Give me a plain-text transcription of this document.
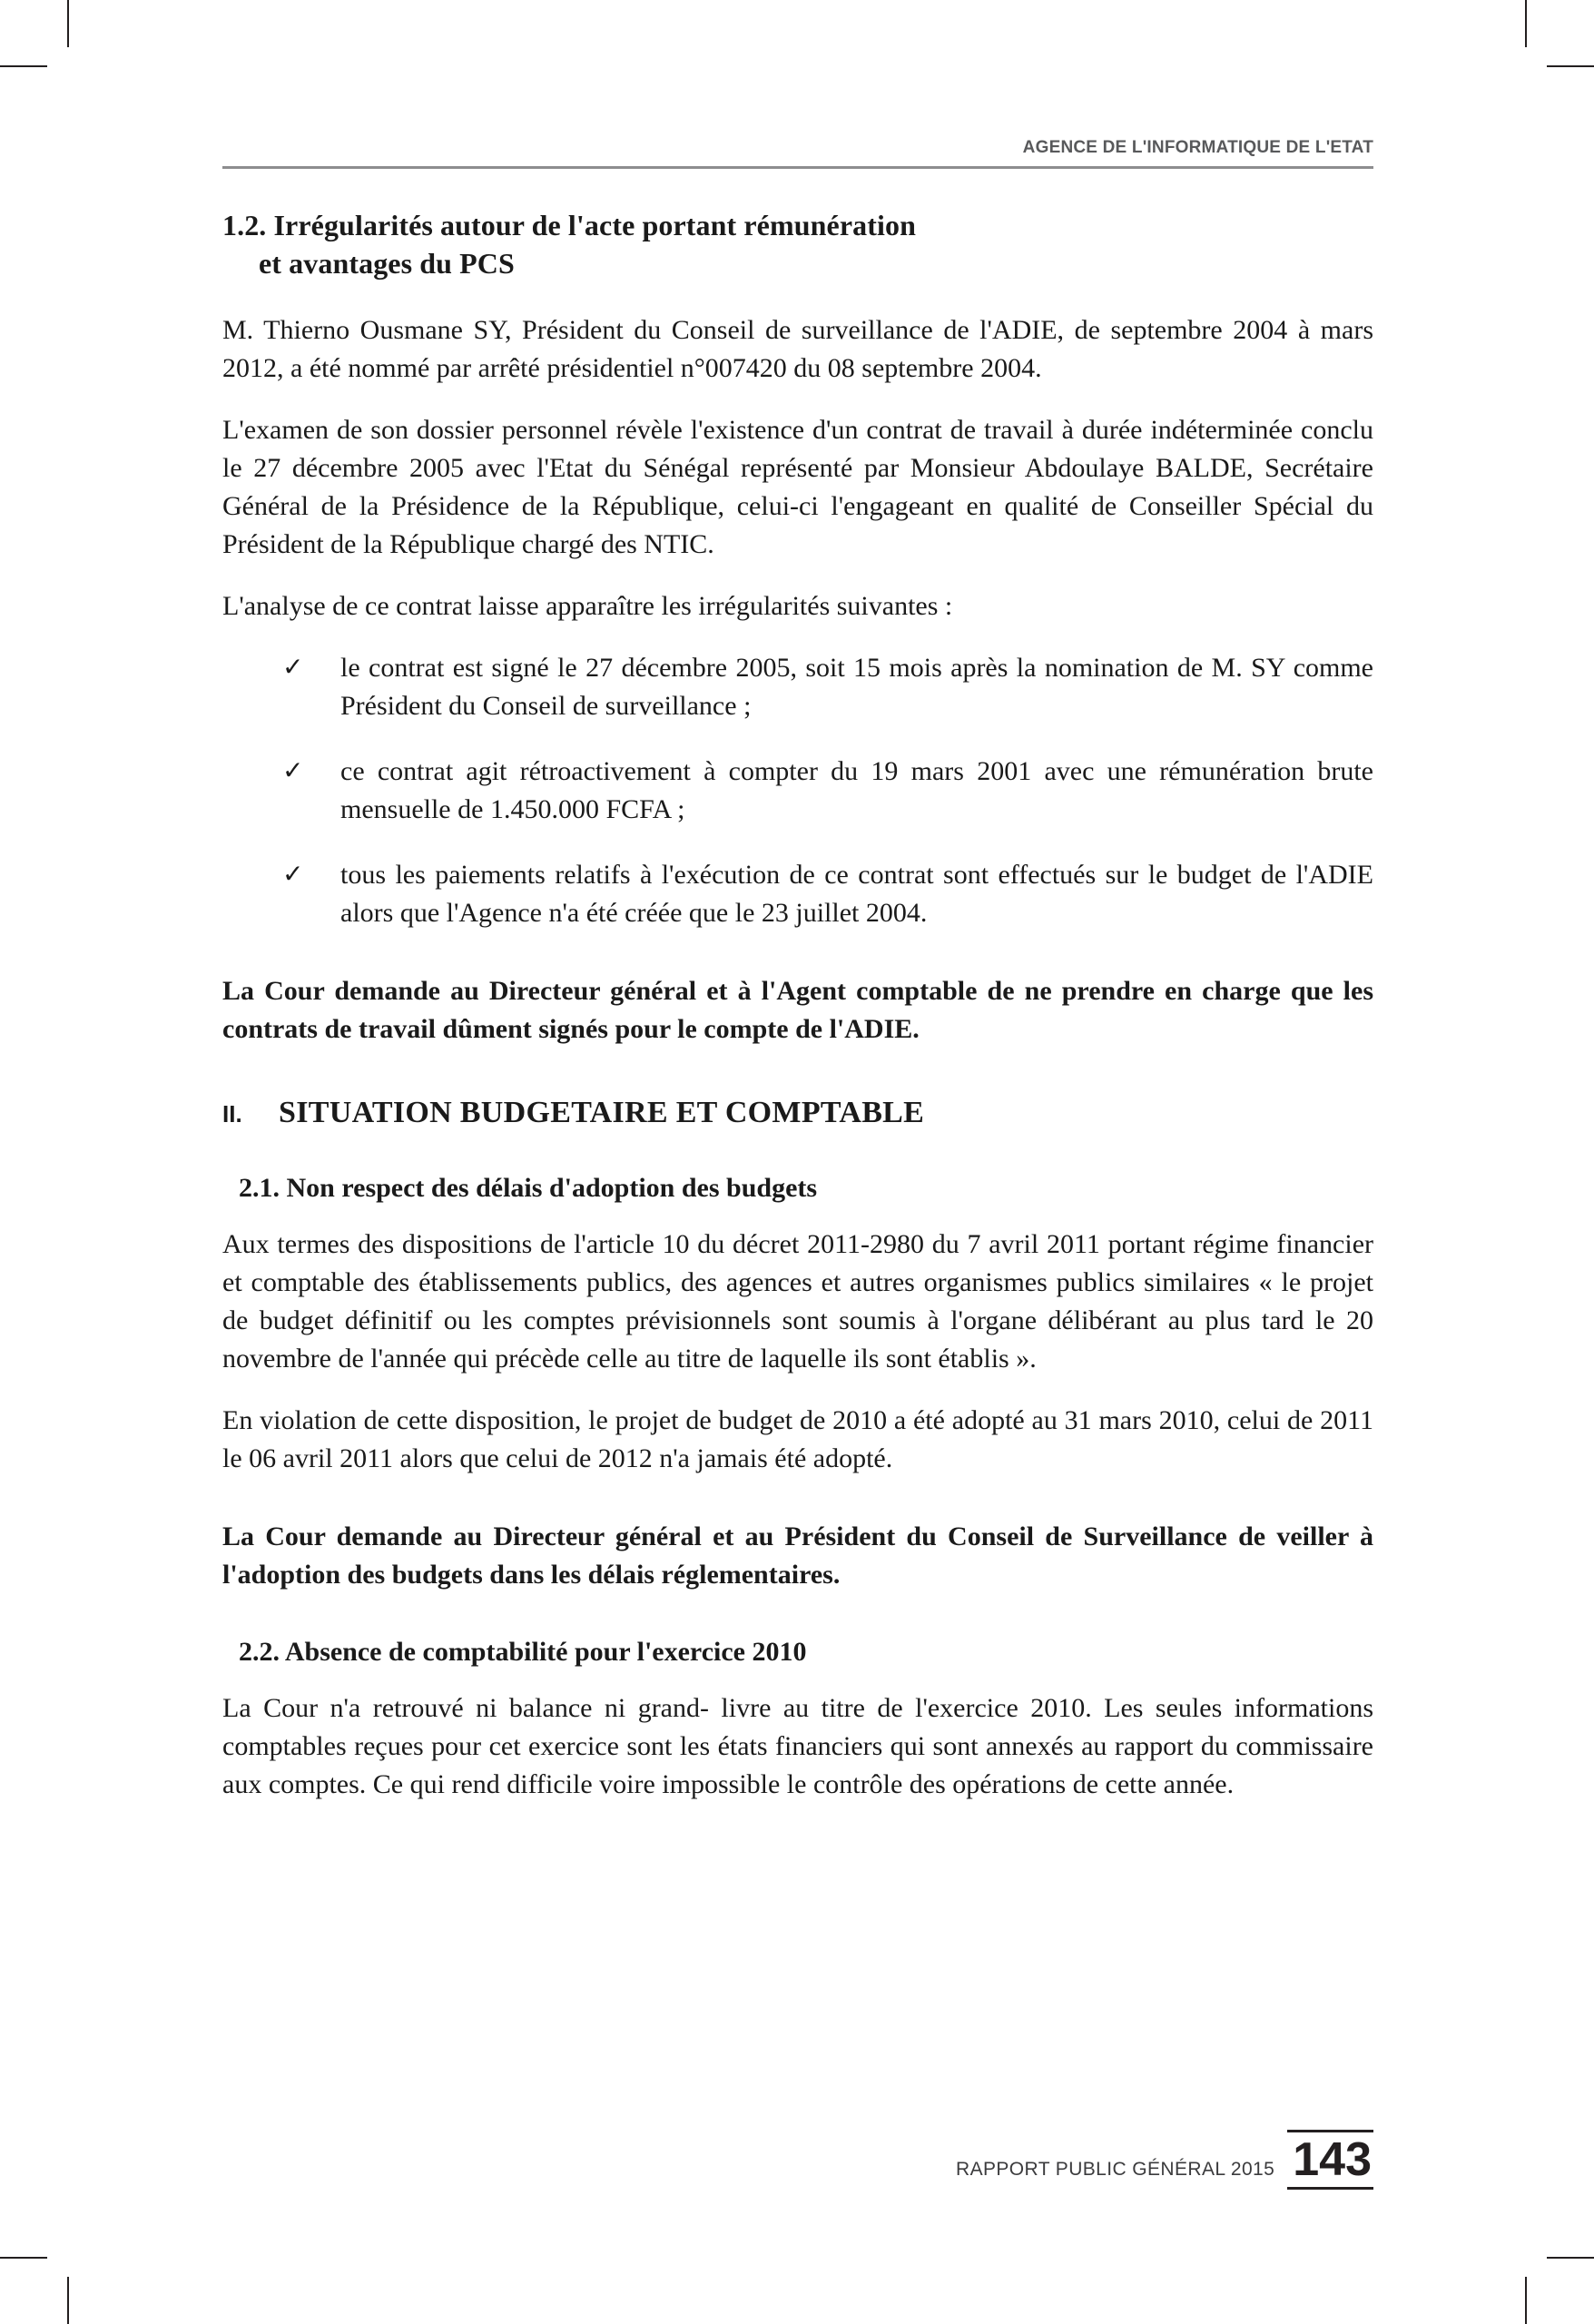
AGENCE DE L'INFORMATIQUE DE L'ETAT
1.2. Irrégularités autour de l'acte portant rémunération
et avantages du PCS

M. Thierno Ousmane SY, Président du Conseil de surveillance de l'ADIE, de septembre 2004 à mars 2012, a été nommé par arrêté présidentiel n°007420 du 08 septembre 2004.

L'examen de son dossier personnel révèle l'existence d'un contrat de travail à durée indéterminée conclu le 27 décembre 2005 avec l'Etat du Sénégal représenté par Monsieur Abdoulaye BALDE, Secrétaire Général de la Présidence de la République, celui-ci l'engageant en qualité de Conseiller Spécial du Président de la République chargé des NTIC.

L'analyse de ce contrat laisse apparaître les irrégularités suivantes :

✓ le contrat est signé le 27 décembre 2005, soit 15 mois après la nomination de M. SY comme Président du Conseil de surveillance ;
✓ ce contrat agit rétroactivement à compter du 19 mars 2001 avec une rémunération brute mensuelle de 1.450.000 FCFA ;
✓ tous les paiements relatifs à l'exécution de ce contrat sont effectués sur le budget de l'ADIE alors que l'Agence n'a été créée que le 23 juillet 2004.

La Cour demande au Directeur général et à l'Agent comptable de ne prendre en charge que les contrats de travail dûment signés pour le compte de l'ADIE.

II.	SITUATION BUDGETAIRE ET COMPTABLE
2.1. Non respect des délais d'adoption des budgets

Aux termes des dispositions de l'article 10 du décret 2011-2980 du 7 avril 2011 portant régime financier et comptable des établissements publics, des agences et autres organismes publics similaires « le projet de budget définitif ou les comptes prévisionnels sont soumis à l'organe délibérant au plus tard le 20 novembre de l'année qui précède celle au titre de laquelle ils sont établis ».

En violation de cette disposition, le projet de budget de 2010 a été adopté au 31 mars 2010, celui de 2011 le 06 avril 2011 alors que celui de 2012 n'a jamais été adopté.

La Cour demande au Directeur général et au Président du Conseil de Surveillance de veiller à l'adoption des budgets dans les délais réglementaires.

2.2. Absence de comptabilité pour l'exercice 2010

La Cour n'a retrouvé ni balance ni grand- livre au titre de l'exercice 2010. Les seules informations comptables reçues pour cet exercice sont les états financiers qui sont annexés au rapport du commissaire aux comptes. Ce qui rend difficile voire impossible le contrôle des opérations de cette année.

RAPPORT PUBLIC GÉNÉRAL 2015 143
